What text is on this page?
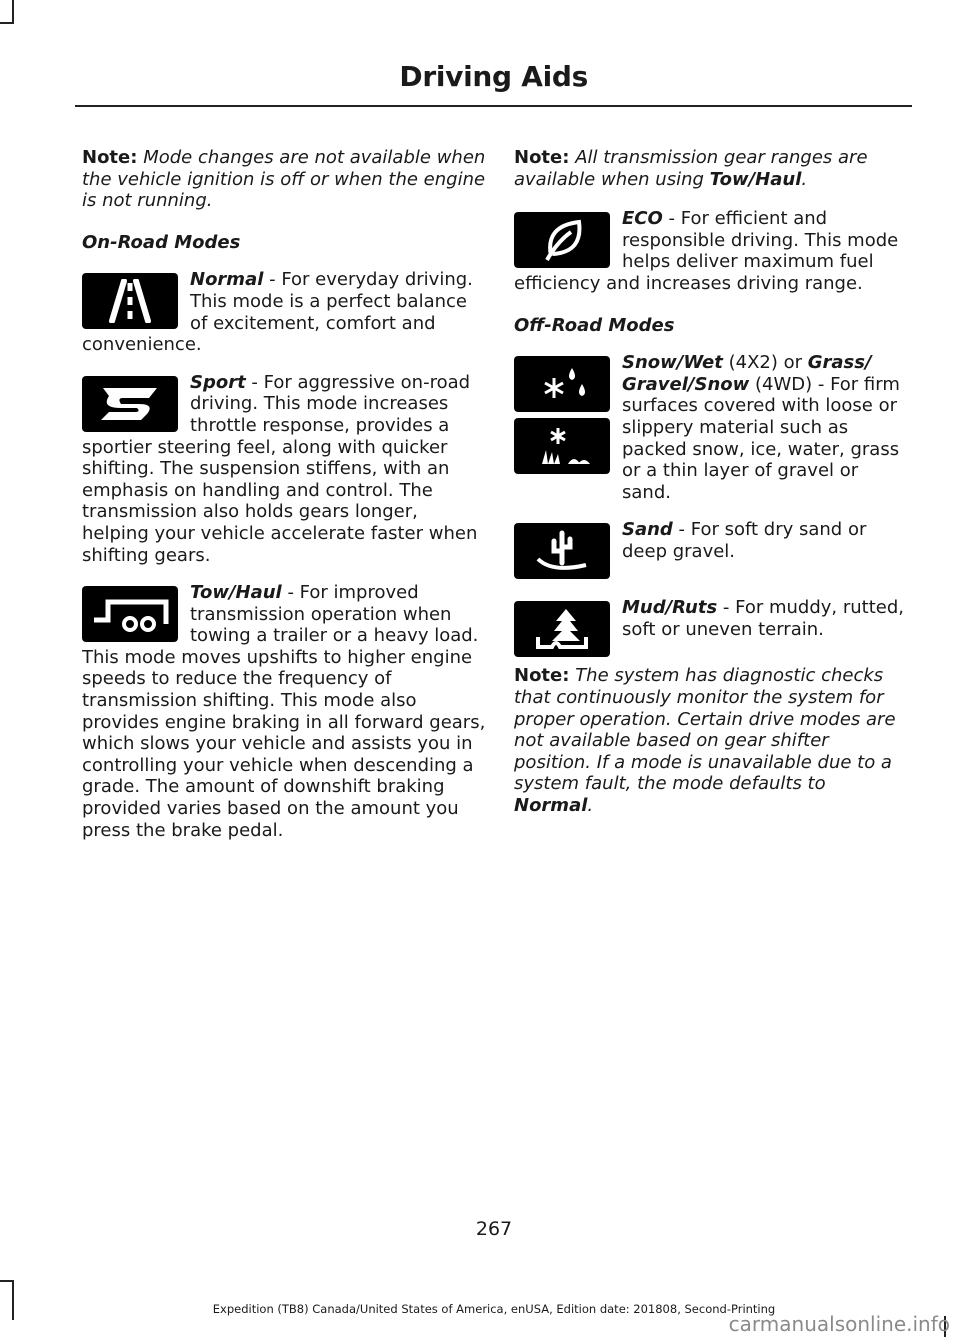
Driving Aids

Note: Mode changes are not available when the vehicle ignition is off or when the engine is not running.

On-Road Modes

Normal - For everyday driving. This mode is a perfect balance of excitement, comfort and convenience.
Sport - For aggressive on-road driving. This mode increases throttle response, provides a sportier steering feel, along with quicker shifting. The suspension stiffens, with an emphasis on handling and control. The transmission also holds gears longer, helping your vehicle accelerate faster when shifting gears.
Tow/Haul - For improved transmission operation when towing a trailer or a heavy load. This mode moves upshifts to higher engine speeds to reduce the frequency of transmission shifting. This mode also provides engine braking in all forward gears, which slows your vehicle and assists you in controlling your vehicle when descending a grade. The amount of downshift braking provided varies based on the amount you press the brake pedal.

Note: All transmission gear ranges are available when using Tow/Haul.

ECO - For efficient and responsible driving. This mode helps deliver maximum fuel efficiency and increases driving range.

Off-Road Modes

Snow/Wet (4X2) or Grass/ Gravel/Snow (4WD) - For firm surfaces covered with loose or slippery material such as packed snow, ice, water, grass or a thin layer of gravel or sand.
Sand - For soft dry sand or deep gravel.
Mud/Ruts - For muddy, rutted, soft or uneven terrain.

Note: The system has diagnostic checks that continuously monitor the system for proper operation. Certain drive modes are not available based on gear shifter position. If a mode is unavailable due to a system fault, the mode defaults to Normal.

267
Expedition (TB8) Canada/United States of America, enUSA, Edition date: 201808, Second-Printing
carmanualsonline.info
